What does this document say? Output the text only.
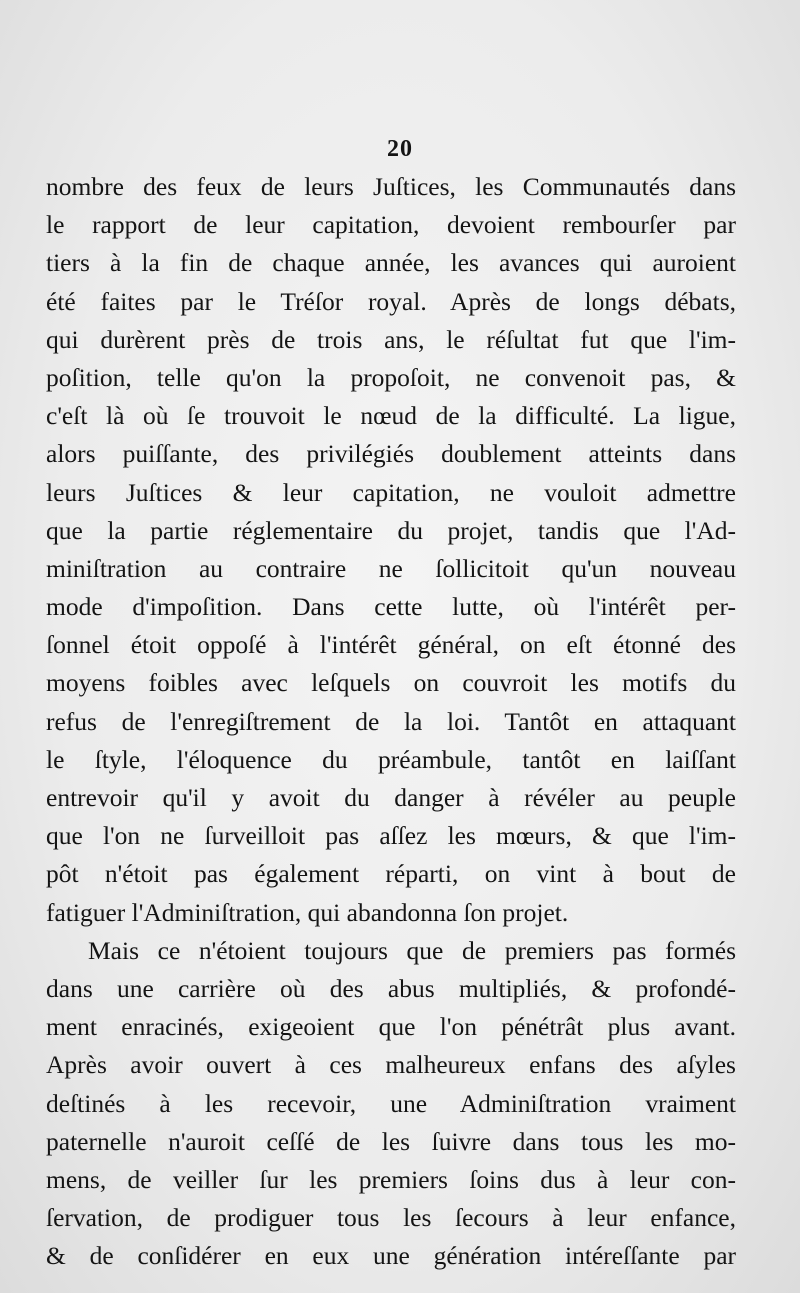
20
nombre des feux de leurs Juſtices, les Communautés dans
le rapport de leur capitation, devoient rembourſer par
tiers à la fin de chaque année, les avances qui auroient
été faites par le Tréſor royal. Après de longs débats,
qui durèrent près de trois ans, le réſultat fut que l'im-
poſition, telle qu'on la propoſoit, ne convenoit pas, &
c'eſt là où ſe trouvoit le nœud de la difficulté. La ligue,
alors puiſſante, des privilégiés doublement atteints dans
leurs Juſtices & leur capitation, ne vouloit admettre
que la partie réglementaire du projet, tandis que l'Ad-
miniſtration au contraire ne ſollicitoit qu'un nouveau
mode d'impoſition. Dans cette lutte, où l'intérêt per-
ſonnel étoit oppoſé à l'intérêt général, on eſt étonné des
moyens foibles avec leſquels on couvroit les motifs du
refus de l'enregiſtrement de la loi. Tantôt en attaquant
le ſtyle, l'éloquence du préambule, tantôt en laiſſant
entrevoir qu'il y avoit du danger à révéler au peuple
que l'on ne ſurveilloit pas aſſez les mœurs, & que l'im-
pôt n'étoit pas également réparti, on vint à bout de
fatiguer l'Adminiſtration, qui abandonna ſon projet.
Mais ce n'étoient toujours que de premiers pas formés
dans une carrière où des abus multipliés, & profondé-
ment enracinés, exigeoient que l'on pénétrât plus avant.
Après avoir ouvert à ces malheureux enfans des aſyles
deſtinés à les recevoir, une Adminiſtration vraiment
paternelle n'auroit ceſſé de les ſuivre dans tous les mo-
mens, de veiller ſur les premiers ſoins dus à leur con-
ſervation, de prodiguer tous les ſecours à leur enfance,
& de conſidérer en eux une génération intéreſſante par
